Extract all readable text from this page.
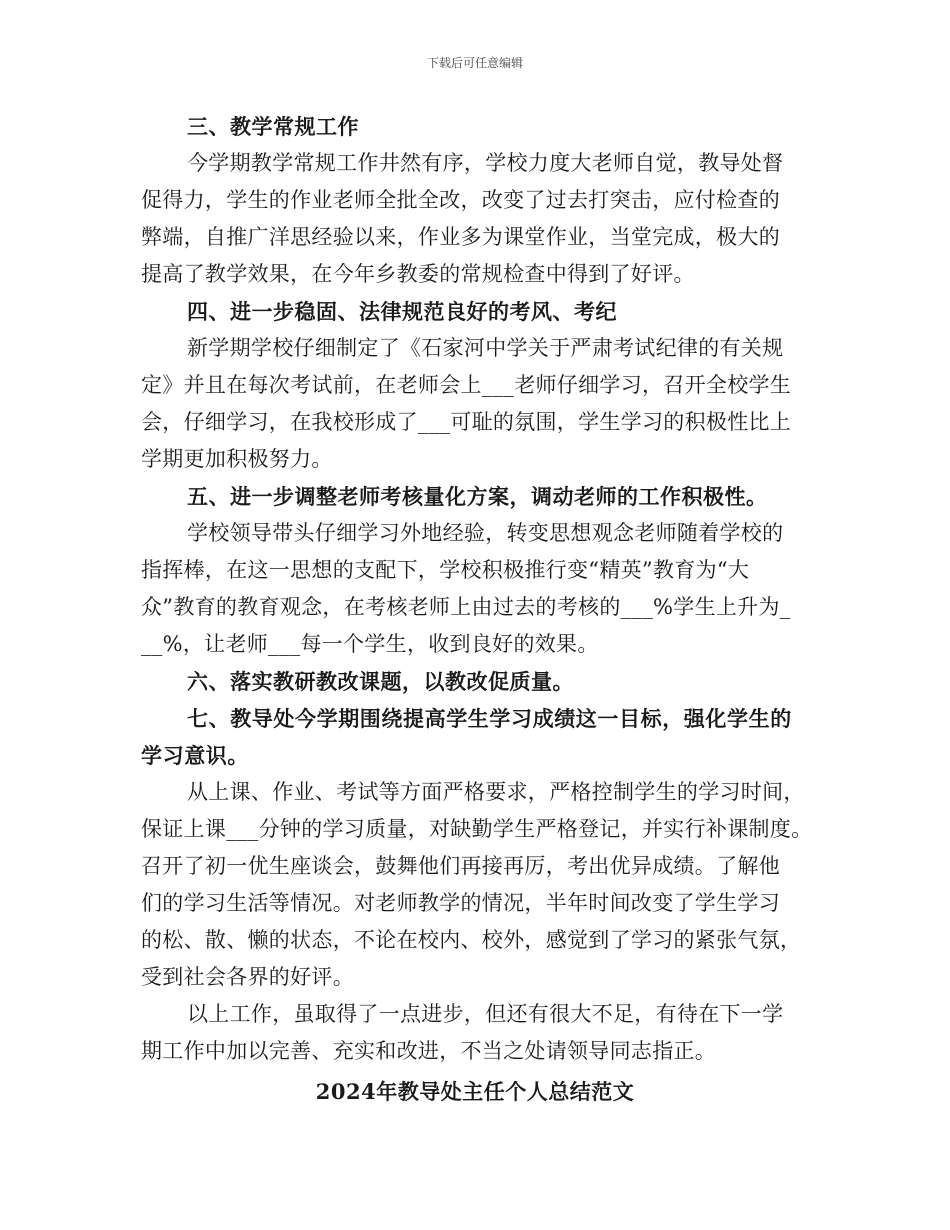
下载后可任意编辑
三、教学常规工作
今学期教学常规工作井然有序，学校力度大老师自觉，教导处督
促得力，学生的作业老师全批全改，改变了过去打突击，应付检查的
弊端，自推广洋思经验以来，作业多为课堂作业，当堂完成，极大的
提高了教学效果，在今年乡教委的常规检查中得到了好评。
四、进一步稳固、法律规范良好的考风、考纪
新学期学校仔细制定了《石家河中学关于严肃考试纪律的有关规
定》并且在每次考试前，在老师会上___老师仔细学习，召开全校学生
会，仔细学习，在我校形成了___可耻的氛围，学生学习的积极性比上
学期更加积极努力。
五、进一步调整老师考核量化方案，调动老师的工作积极性。
学校领导带头仔细学习外地经验，转变思想观念老师随着学校的
指挥棒，在这一思想的支配下，学校积极推行变“精英”教育为“大
众”教育的教育观念，在考核老师上由过去的考核的___%学生上升为_
__%，让老师___每一个学生，收到良好的效果。
六、落实教研教改课题，以教改促质量。
七、教导处今学期围绕提高学生学习成绩这一目标，强化学生的
学习意识。
从上课、作业、考试等方面严格要求，严格控制学生的学习时间，
保证上课___分钟的学习质量，对缺勤学生严格登记，并实行补课制度。
召开了初一优生座谈会，鼓舞他们再接再厉，考出优异成绩。了解他
们的学习生活等情况。对老师教学的情况，半年时间改变了学生学习
的松、散、懒的状态，不论在校内、校外，感觉到了学习的紧张气氛，
受到社会各界的好评。
以上工作，虽取得了一点进步，但还有很大不足，有待在下一学
期工作中加以完善、充实和改进，不当之处请领导同志指正。
2024年教导处主任个人总结范文
